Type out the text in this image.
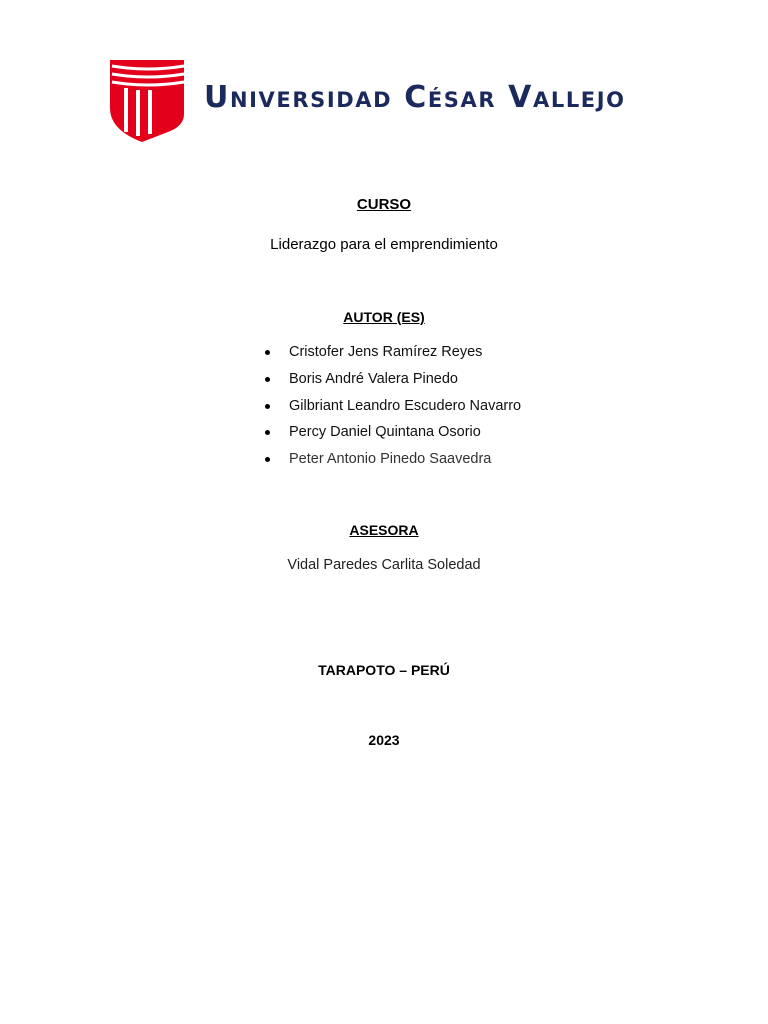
Universidad César Vallejo
CURSO
Liderazgo para el emprendimiento
AUTOR (ES)
Cristofer Jens Ramírez Reyes
Boris André Valera Pinedo
Gilbriant Leandro Escudero Navarro
Percy Daniel Quintana Osorio
Peter Antonio Pinedo Saavedra
ASESORA
Vidal Paredes Carlita Soledad
TARAPOTO – PERÚ
2023
